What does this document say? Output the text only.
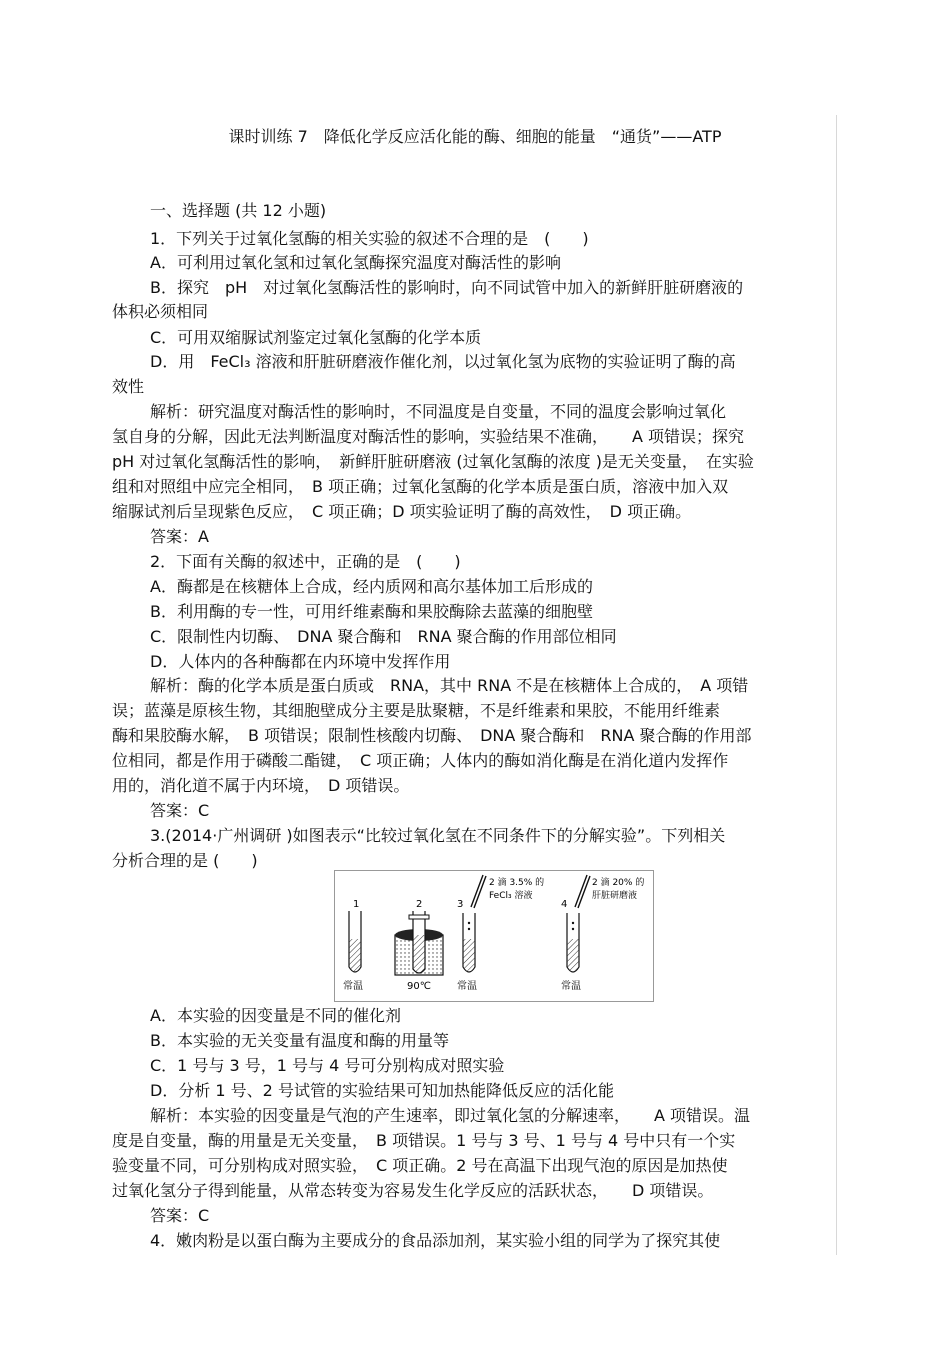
课时训练 7　降低化学反应活化能的酶、细胞的能量　“通货”——ATP
一、选择题 (共 12 小题)
1．下列关于过氧化氢酶的相关实验的叙述不合理的是　(　　)
A．可利用过氧化氢和过氧化氢酶探究温度对酶活性的影响
B．探究　pH　对过氧化氢酶活性的影响时，向不同试管中加入的新鲜肝脏研磨液的
体积必须相同
C．可用双缩脲试剂鉴定过氧化氢酶的化学本质
D．用　FeCl₃ 溶液和肝脏研磨液作催化剂，以过氧化氢为底物的实验证明了酶的高
效性
解析：研究温度对酶活性的影响时，不同温度是自变量，不同的温度会影响过氧化
氢自身的分解，因此无法判断温度对酶活性的影响，实验结果不准确，　　A 项错误；探究
pH 对过氧化氢酶活性的影响，　新鲜肝脏研磨液 (过氧化氢酶的浓度 )是无关变量，　在实验
组和对照组中应完全相同，　B 项正确；过氧化氢酶的化学本质是蛋白质，溶液中加入双
缩脲试剂后呈现紫色反应，　C 项正确；D 项实验证明了酶的高效性，　D 项正确。
答案：A
2．下面有关酶的叙述中，正确的是　(　　)
A．酶都是在核糖体上合成，经内质网和高尔基体加工后形成的
B．利用酶的专一性，可用纤维素酶和果胶酶除去蓝藻的细胞壁
C．限制性内切酶、　DNA 聚合酶和　RNA 聚合酶的作用部位相同
D．人体内的各种酶都在内环境中发挥作用
解析：酶的化学本质是蛋白质或　RNA，其中 RNA 不是在核糖体上合成的，　A 项错
误；蓝藻是原核生物，其细胞壁成分主要是肽聚糖，不是纤维素和果胶，不能用纤维素
酶和果胶酶水解，　B 项错误；限制性核酸内切酶、　DNA 聚合酶和　RNA 聚合酶的作用部
位相同，都是作用于磷酸二酯键，　C 项正确；人体内的酶如消化酶是在消化道内发挥作
用的，消化道不属于内环境，　D 项错误。
答案：C
3.(2014·广州调研 )如图表示“比较过氧化氢在不同条件下的分解实验”。下列相关
分析合理的是 (　　)
A．本实验的因变量是不同的催化剂
B．本实验的无关变量有温度和酶的用量等
C．1 号与 3 号，1 号与 4 号可分别构成对照实验
D．分析 1 号、2 号试管的实验结果可知加热能降低反应的活化能
解析：本实验的因变量是气泡的产生速率，即过氧化氢的分解速率，　　A 项错误。温
度是自变量，酶的用量是无关变量，　B 项错误。1 号与 3 号、1 号与 4 号中只有一个实
验变量不同，可分别构成对照实验，　C 项正确。2 号在高温下出现气泡的原因是加热使
过氧化氢分子得到能量，从常态转变为容易发生化学反应的活跃状态，　　D 项错误。
答案：C
4．嫩肉粉是以蛋白酶为主要成分的食品添加剂，某实验小组的同学为了探究其使
1
常温
2
90℃
3
2 滴 3.5% 的
FeCl₃ 溶液
常温
4
2 滴 20% 的
肝脏研磨液
常温
